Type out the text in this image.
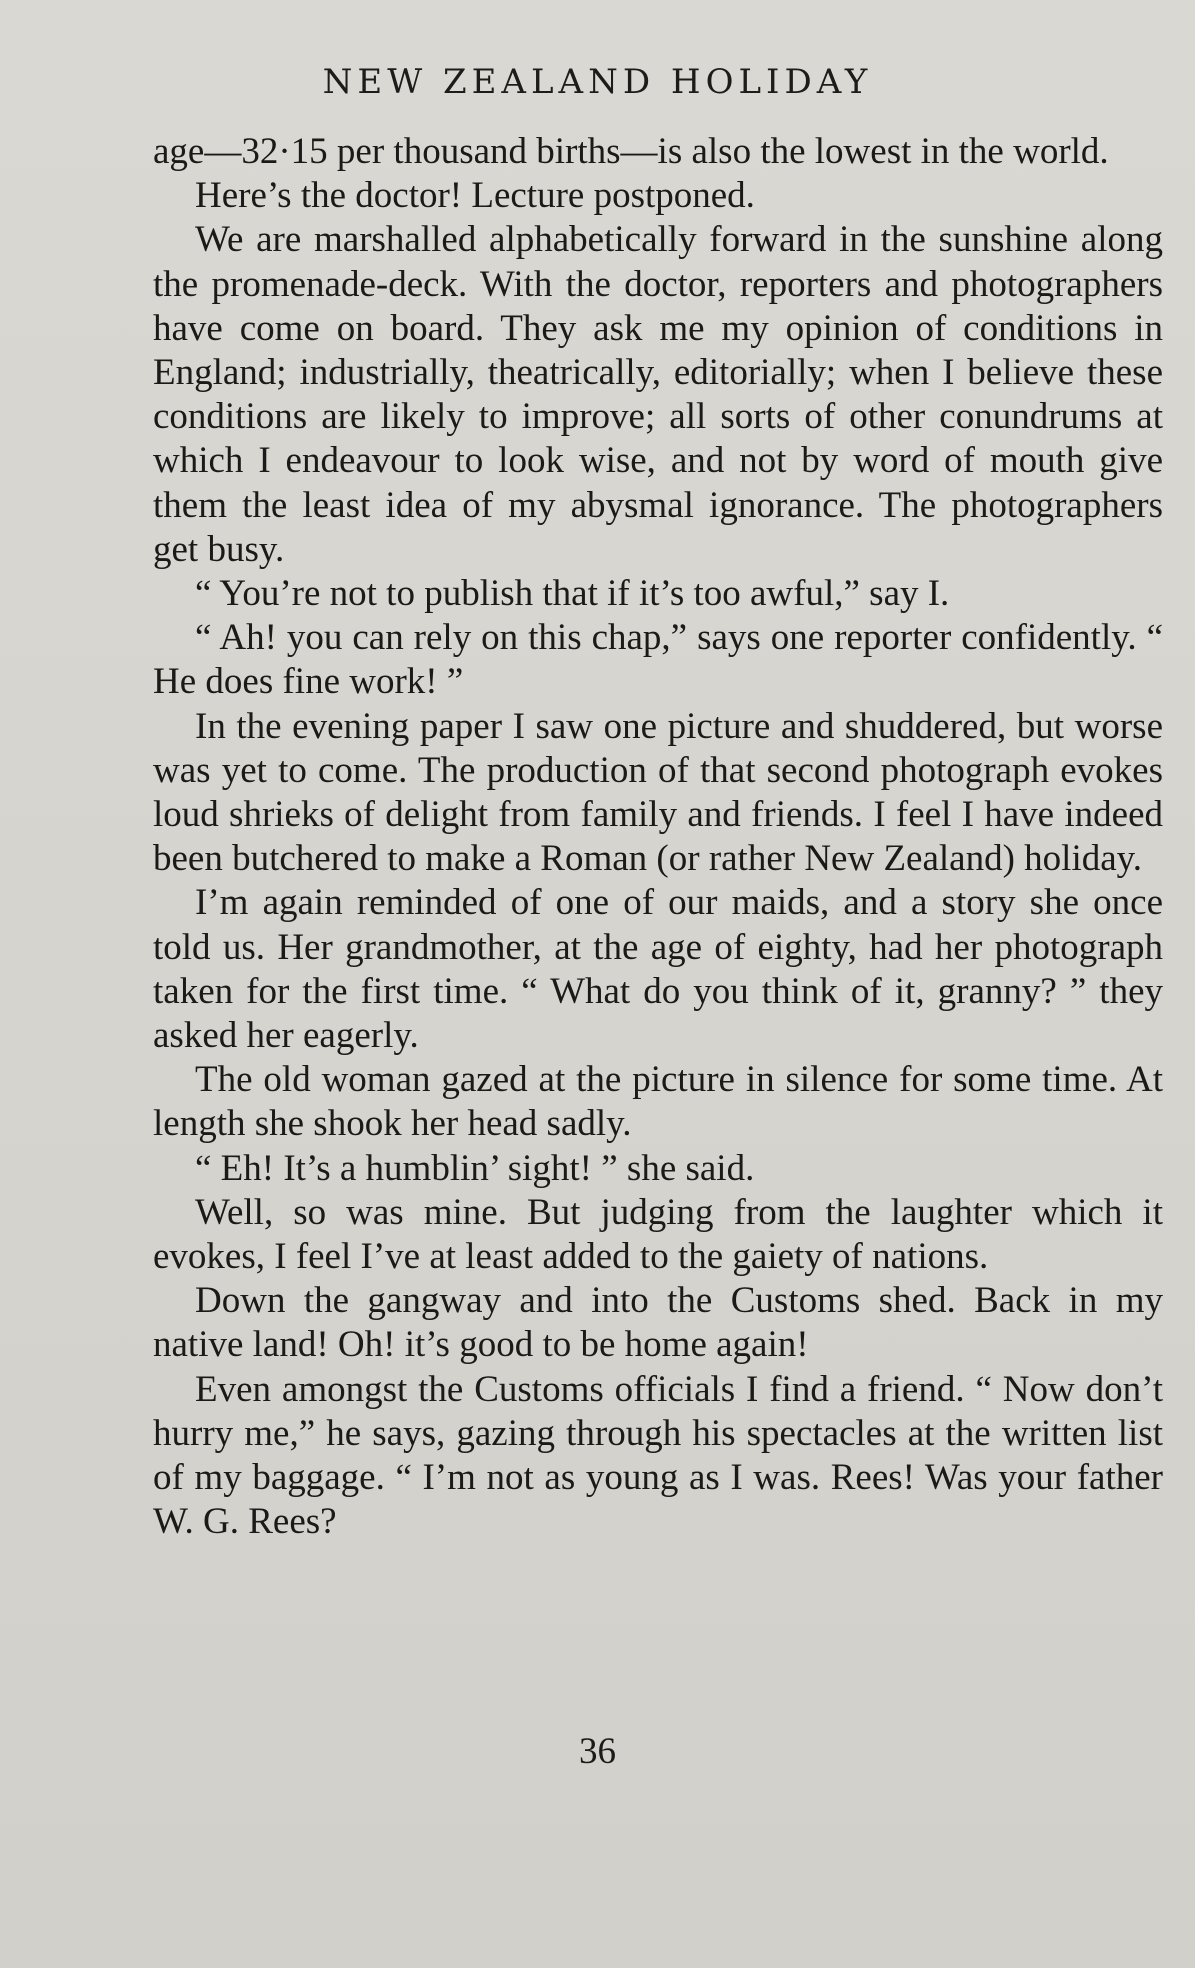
NEW ZEALAND HOLIDAY

age—32·15 per thousand births—is also the lowest in the world.

Here’s the doctor! Lecture postponed.

We are marshalled alphabetically forward in the sunshine along the promenade-deck. With the doctor, reporters and photographers have come on board. They ask me my opinion of conditions in England; industrially, theatrically, editorially; when I believe these conditions are likely to improve; all sorts of other conundrums at which I endeavour to look wise, and not by word of mouth give them the least idea of my abysmal ignorance. The photographers get busy.

“ You’re not to publish that if it’s too awful,” say I.

“ Ah! you can rely on this chap,” says one reporter confidently. “ He does fine work! ”

In the evening paper I saw one picture and shuddered, but worse was yet to come. The production of that second photograph evokes loud shrieks of delight from family and friends. I feel I have indeed been butchered to make a Roman (or rather New Zealand) holiday.

I’m again reminded of one of our maids, and a story she once told us. Her grandmother, at the age of eighty, had her photograph taken for the first time. “ What do you think of it, granny? ” they asked her eagerly.

The old woman gazed at the picture in silence for some time. At length she shook her head sadly.

“ Eh! It’s a humblin’ sight! ” she said.

Well, so was mine. But judging from the laughter which it evokes, I feel I’ve at least added to the gaiety of nations.

Down the gangway and into the Customs shed. Back in my native land! Oh! it’s good to be home again!

Even amongst the Customs officials I find a friend. “ Now don’t hurry me,” he says, gazing through his spectacles at the written list of my baggage. “ I’m not as young as I was. Rees! Was your father W. G. Rees?

36
